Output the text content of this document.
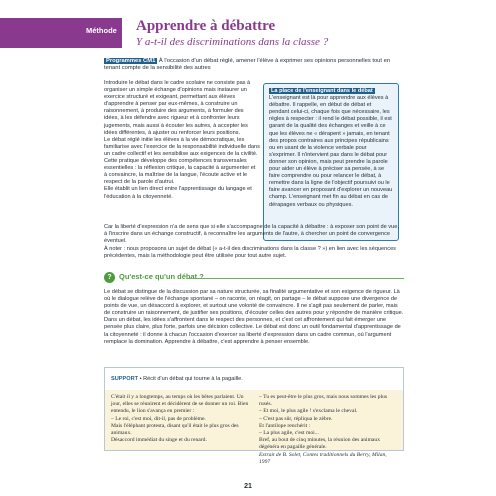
Méthode Apprendre à débattre
Y a-t-il des discriminations dans la classe ?
Programmes CM1 À l'occasion d'un débat réglé, amener l'élève à exprimer ses opinions personnelles tout en tenant compte de la sensibilité des autres

Introduire le débat dans le cadre scolaire ne consiste pas à organiser un simple échange d'opinions mais instaurer un exercice structuré et exigeant, permettant aux élèves d'apprendre à penser par eux-mêmes, à construire un raisonnement, à produire des arguments, à formuler des idées, à les défendre avec rigueur et à confronter leurs jugements, mais aussi à écouter les autres, à accepter les idées différentes, à ajuster ou renforcer leurs positions.

Le débat réglé initie les élèves à la vie démocratique, les familiarise avec l'exercice de la responsabilité individuelle dans un cadre collectif et les sensibilise aux exigences de la civilité. Cette pratique développe des compétences transversales essentielles : la réflexion critique, la capacité à argumenter et à convaincre, la maîtrise de la langue, l'écoute active et le respect de la parole d'autrui.

Elle établit un lien direct entre l'apprentissage du langage et l'éducation à la citoyenneté.

La place de l'enseignant dans le débat L'enseignant est là pour apprendre aux élèves à débattre. Il rappelle, en début de débat et pendant celui-ci, chaque fois que nécessaire, les règles à respecter : il rend le débat possible, il est garant de la qualité des échanges et veille à ce que les élèves ne « dérapent » jamais, en tenant des propos contraires aux principes républicains ou en usant de la violence verbale pour s'exprimer. Il n'intervient pas dans le débat pour donner son opinion, mais peut prendre la parole pour aider un élève à préciser sa pensée, à se faire comprendre ou pour relancer le débat, à remettre dans la ligne de l'objectif poursuivi ou le faire avancer en proposant d'explorer un nouveau champ. L'enseignant met fin au débat en cas de dérapages verbaux ou physiques.

Car la liberté d'expression n'a de sens que si elle s'accompagne de la capacité à débattre : à exposer son point de vue, à l'inscrire dans un échange constructif, à reconnaître les arguments de l'autre, à chercher un point de convergence éventuel.

À noter : nous proposons un sujet de débat (« a-t-il des discriminations dans la classe ? ») en lien avec les séquences précédentes, mais la méthodologie peut être utilisée pour tout autre sujet.

? Qu'est-ce qu'un débat ?
Le débat se distingue de la discussion par sa nature structurée, sa finalité argumentative et son exigence de rigueur. Là où le dialogue relève de l'échange spontané – on raconte, on réagit, on partage – le débat suppose une divergence de points de vue, un désaccord à explorer, et surtout une volonté de convaincre. Il ne s'agit pas seulement de parler, mais de construire un raisonnement, de justifier ses positions, d'écouter celles des autres pour y répondre de manière critique. Dans un débat, les idées s'affrontent dans le respect des personnes, et c'est cet affrontement qui fait émerger une pensée plus claire, plus forte, parfois une décision collective. Le débat est donc un outil fondamental d'apprentissage de la citoyenneté : il donne à chacun l'occasion d'exercer sa liberté d'expression dans un cadre commun, où l'argument remplace la domination. Apprendre à débattre, c'est apprendre à penser ensemble.
SUPPORT • Récit d'un débat qui tourne à la pagaille.

C'était il y a longtemps, au temps où les bêtes parlaient. Un jour, elles se réunirent et décidèrent de se donner un roi. Bien entendu, le lion s'avança en premier :

– Le roi, c'est moi, dit-il, pas de problème.

Mais l'éléphant protesta, disant qu'il était le plus gros des animaux.

Désaccord immédiat du singe et du renard.

– Tu es peut-être le plus gros, mais nous sommes les plus rusés.

– Et moi, le plus agile ! s'exclama le cheval.

– C'est pas sûr, répliqua le zèbre.

Et l'antilope renchérit :

– La plus agile, c'est moi...

Bref, au bout de cinq minutes, la réunion des animaux dégénéra en pagaille générale.

Extrait de B. Solet, Contes traditionnels du Berry, Milan, 1997

21
